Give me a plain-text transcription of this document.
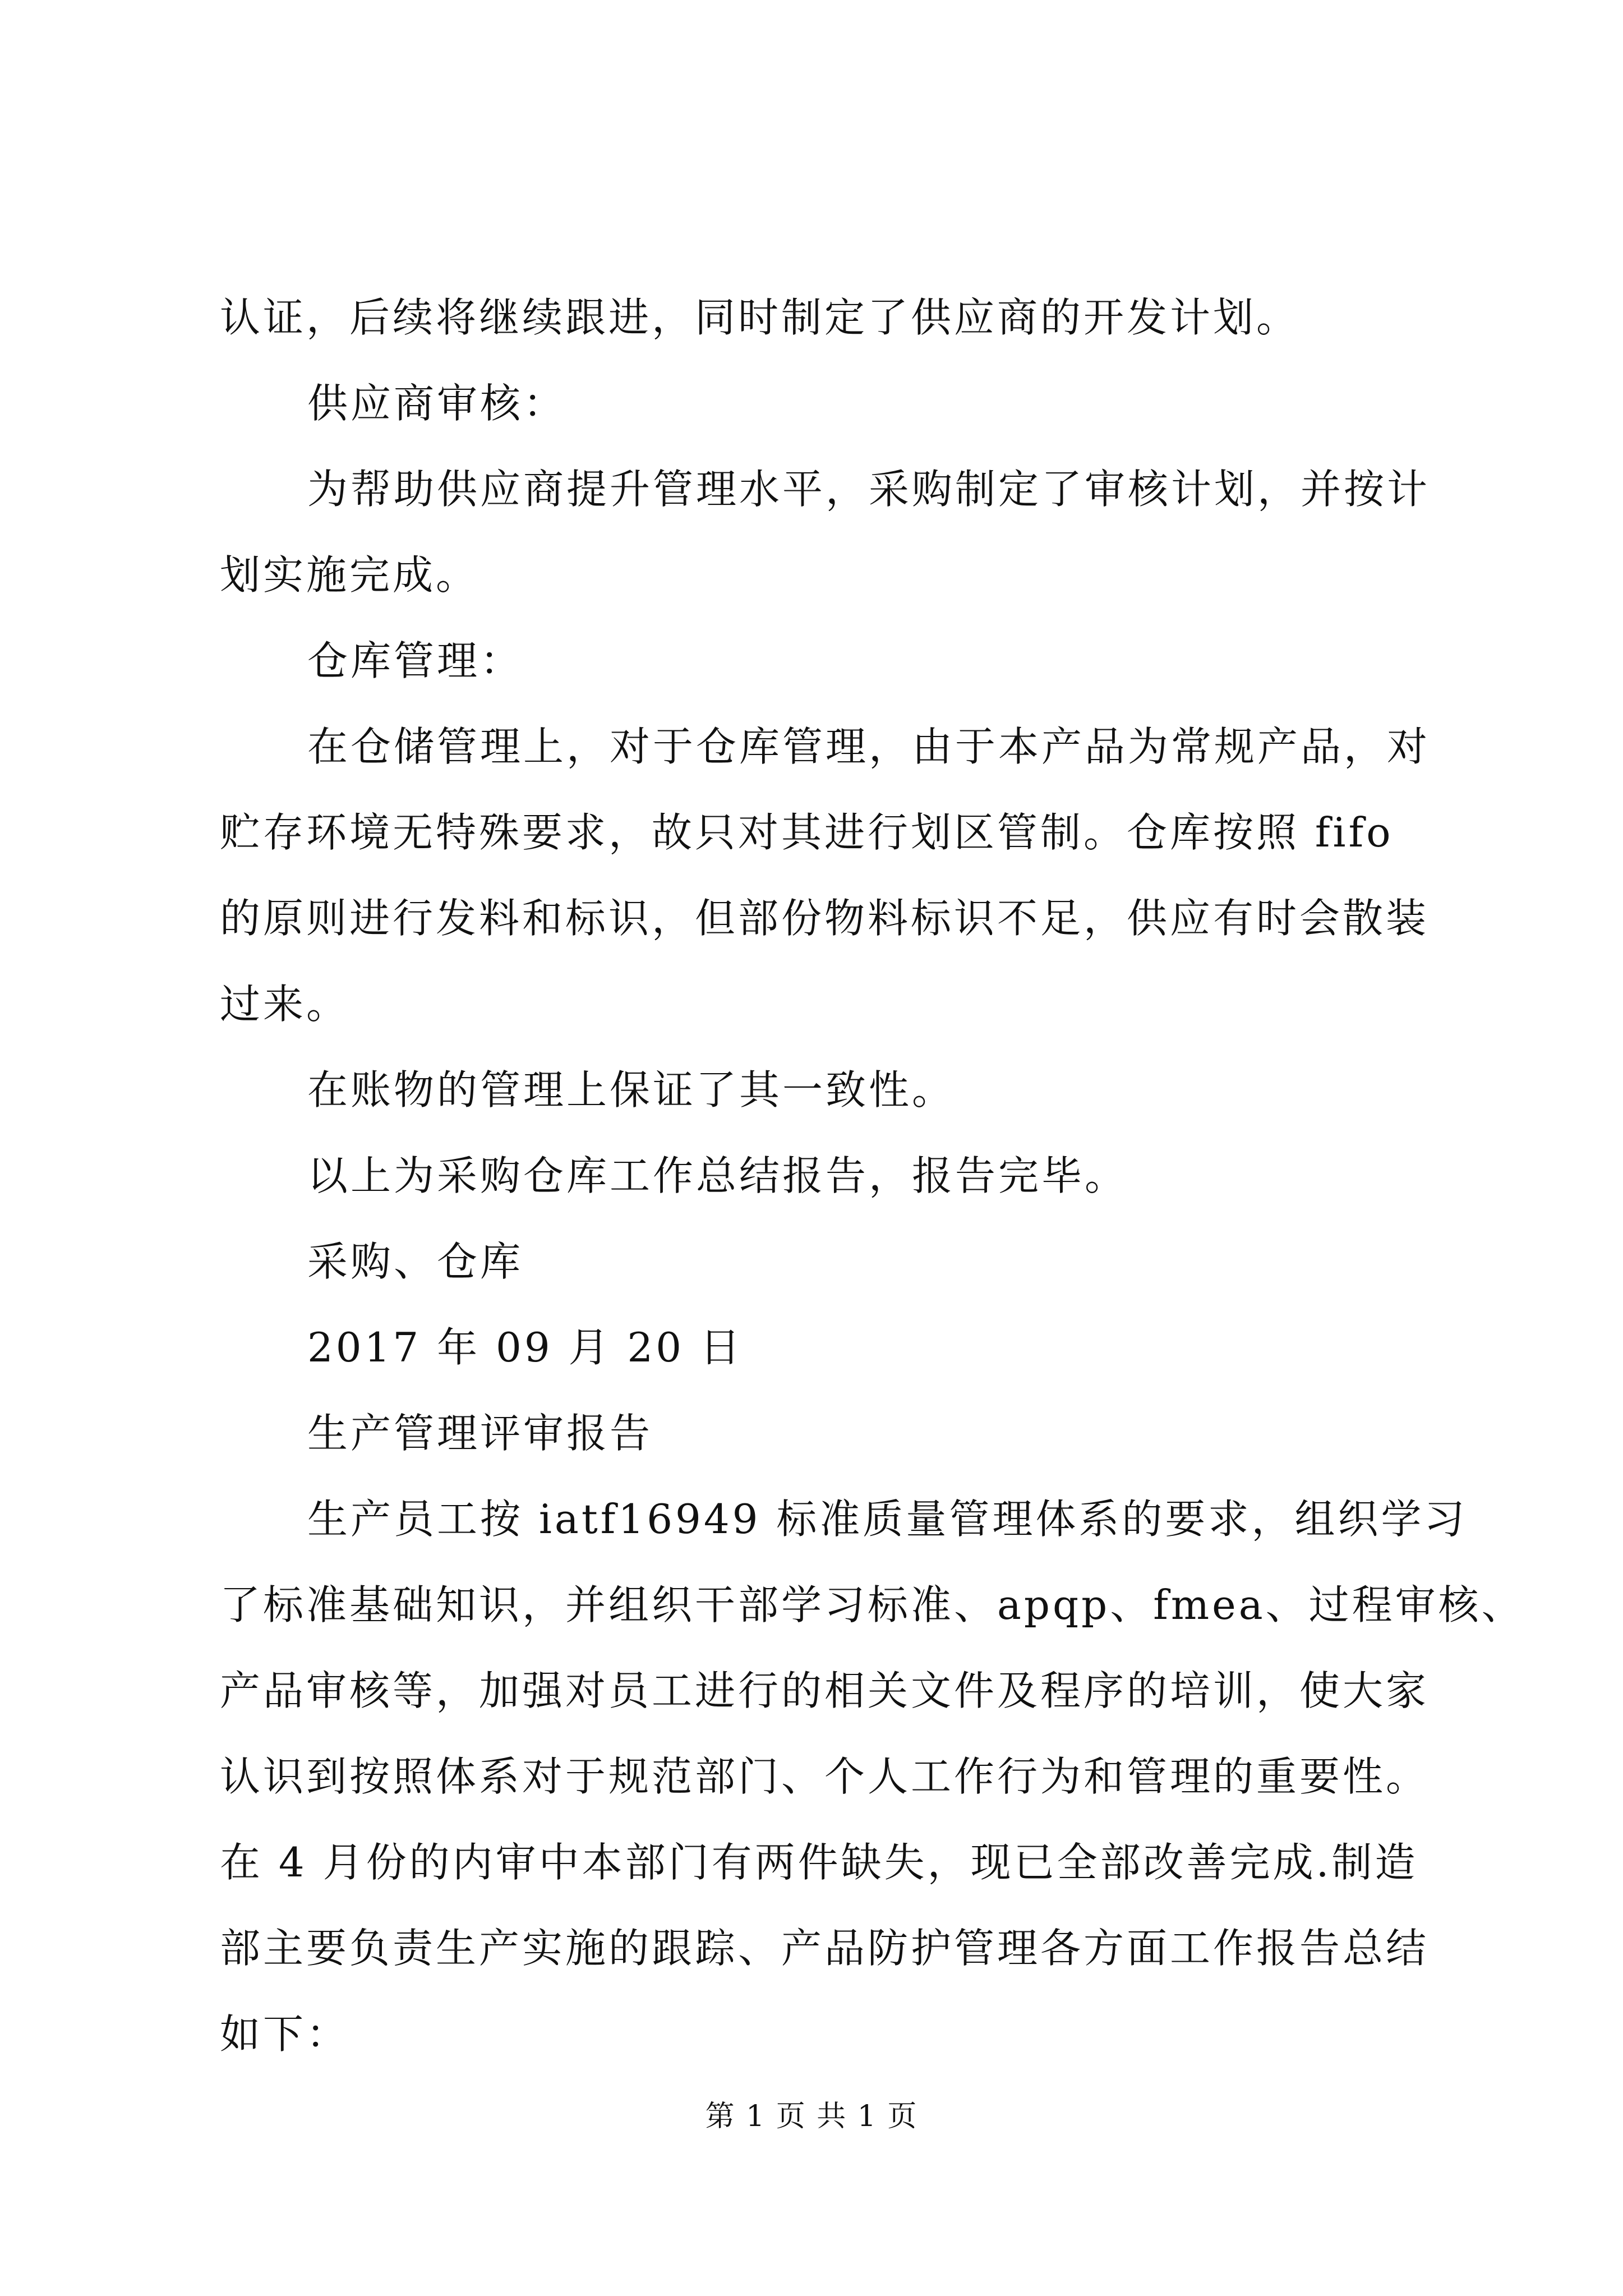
认证，后续将继续跟进，同时制定了供应商的开发计划。
供应商审核：
为帮助供应商提升管理水平，采购制定了审核计划，并按计
划实施完成。
仓库管理：
在仓储管理上，对于仓库管理，由于本产品为常规产品，对
贮存环境无特殊要求，故只对其进行划区管制。仓库按照 fifo
的原则进行发料和标识，但部份物料标识不足，供应有时会散装
过来。
在账物的管理上保证了其一致性。
以上为采购仓库工作总结报告，报告完毕。
采购、仓库
2017 年 09 月 20 日
生产管理评审报告
生产员工按 iatf16949 标准质量管理体系的要求，组织学习
了标准基础知识，并组织干部学习标准、apqp、fmea、过程审核、
产品审核等，加强对员工进行的相关文件及程序的培训，使大家
认识到按照体系对于规范部门、个人工作行为和管理的重要性。
在 4 月份的内审中本部门有两件缺失，现已全部改善完成.制造
部主要负责生产实施的跟踪、产品防护管理各方面工作报告总结
如下：
第 1 页 共 1 页
